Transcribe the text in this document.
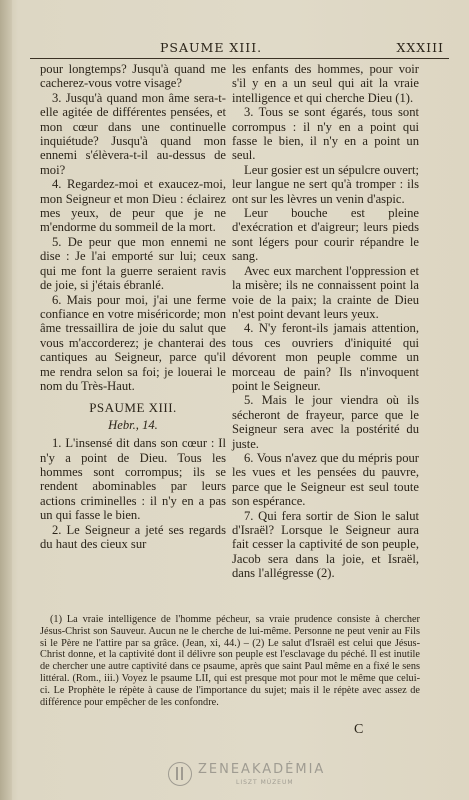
PSAUME XIII.	XXXIII

pour longtemps? Jusqu'à quand me cacherez-vous votre visage?

3. Jusqu'à quand mon âme sera-t-elle agitée de différentes pensées, et mon cœur dans une continuelle inquiétude? Jusqu'à quand mon ennemi s'élèvera-t-il au-dessus de moi?

4. Regardez-moi et exaucez-moi, mon Seigneur et mon Dieu : éclairez mes yeux, de peur que je ne m'endorme du sommeil de la mort.

5. De peur que mon ennemi ne dise : Je l'ai emporté sur lui; ceux qui me font la guerre seraient ravis de joie, si j'étais ébranlé.

6. Mais pour moi, j'ai une ferme confiance en votre miséricorde; mon âme tressaillira de joie du salut que vous m'accorderez; je chanterai des cantiques au Seigneur, parce qu'il me rendra selon sa foi; je louerai le nom du Très-Haut.

PSAUME XIII.
Hebr., 14.

1. L'insensé dit dans son cœur : Il n'y a point de Dieu. Tous les hommes sont corrompus; ils se rendent abominables par leurs actions criminelles : il n'y en a pas un qui fasse le bien.

2. Le Seigneur a jeté ses regards du haut des cieux sur

les enfants des hommes, pour voir s'il y en a un seul qui ait la vraie intelligence et qui cherche Dieu (1).

3. Tous se sont égarés, tous sont corrompus : il n'y en a point qui fasse le bien, il n'y en a point un seul.

Leur gosier est un sépulcre ouvert; leur langue ne sert qu'à tromper : ils ont sur les lèvres un venin d'aspic.

Leur bouche est pleine d'exécration et d'aigreur; leurs pieds sont légers pour courir répandre le sang.

Avec eux marchent l'oppression et la misère; ils ne connaissent point la voie de la paix; la crainte de Dieu n'est point devant leurs yeux.

4. N'y feront-ils jamais attention, tous ces ouvriers d'iniquité qui dévorent mon peuple comme un morceau de pain? Ils n'invoquent point le Seigneur.

5. Mais le jour viendra où ils sécheront de frayeur, parce que le Seigneur sera avec la postérité du juste.

6. Vous n'avez que du mépris pour les vues et les pensées du pauvre, parce que le Seigneur est seul toute son espérance.

7. Qui fera sortir de Sion le salut d'Israël? Lorsque le Seigneur aura fait cesser la captivité de son peuple, Jacob sera dans la joie, et Israël, dans l'allégresse (2).

(1) La vraie intelligence de l'homme pécheur, sa vraie prudence consiste à chercher Jésus-Christ son Sauveur. Aucun ne le cherche de lui-même. Personne ne peut venir au Fils si le Père ne l'attire par sa grâce. (Jean, xi, 44.) – (2) Le salut d'Israël est celui que Jésus-Christ donne, et la captivité dont il délivre son peuple est l'esclavage du péché. Il est inutile de chercher une autre captivité dans ce psaume, après que saint Paul même en a fixé le sens littéral. (Rom., iii.) Voyez le psaume LII, qui est presque mot pour mot le même que celui-ci. Le Prophète le répète à cause de l'importance du sujet; mais il le répète avec assez de différence pour empêcher de les confondre.

C
ZENEAKADÉMIA
LISZT MÚZEUM
